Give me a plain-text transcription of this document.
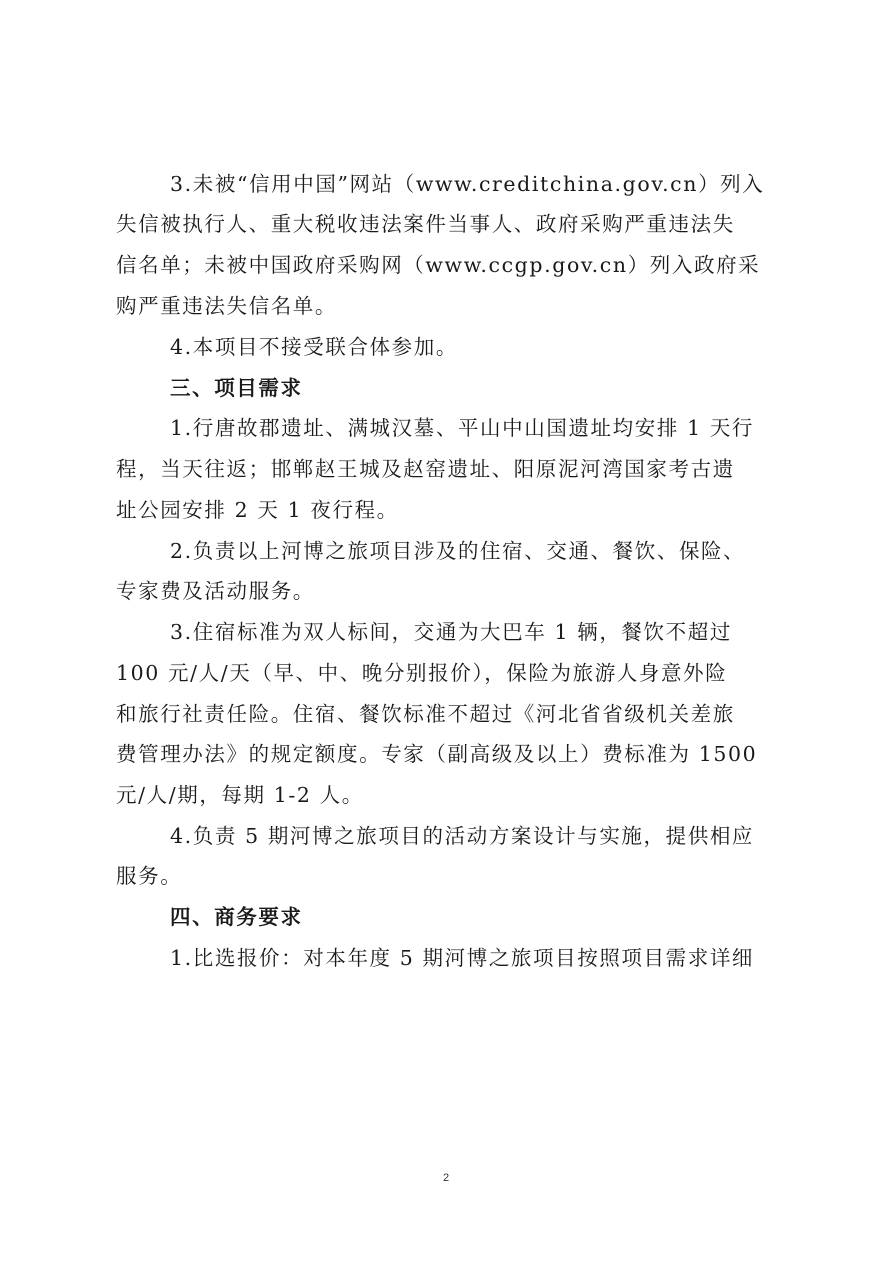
3.未被“信用中国”网站（www.creditchina.gov.cn）列入
失信被执行人、重大税收违法案件当事人、政府采购严重违法失
信名单；未被中国政府采购网（www.ccgp.gov.cn）列入政府采
购严重违法失信名单。
4.本项目不接受联合体参加。
三、项目需求
1.行唐故郡遗址、满城汉墓、平山中山国遗址均安排 1 天行
程，当天往返；邯郸赵王城及赵窑遗址、阳原泥河湾国家考古遗
址公园安排 2 天 1 夜行程。
2.负责以上河博之旅项目涉及的住宿、交通、餐饮、保险、
专家费及活动服务。
3.住宿标准为双人标间，交通为大巴车 1 辆，餐饮不超过
100 元/人/天（早、中、晚分别报价），保险为旅游人身意外险
和旅行社责任险。住宿、餐饮标准不超过《河北省省级机关差旅
费管理办法》的规定额度。专家（副高级及以上）费标准为 1500
元/人/期，每期 1-2 人。
4.负责 5 期河博之旅项目的活动方案设计与实施，提供相应
服务。
四、商务要求
1.比选报价：对本年度 5 期河博之旅项目按照项目需求详细
2
